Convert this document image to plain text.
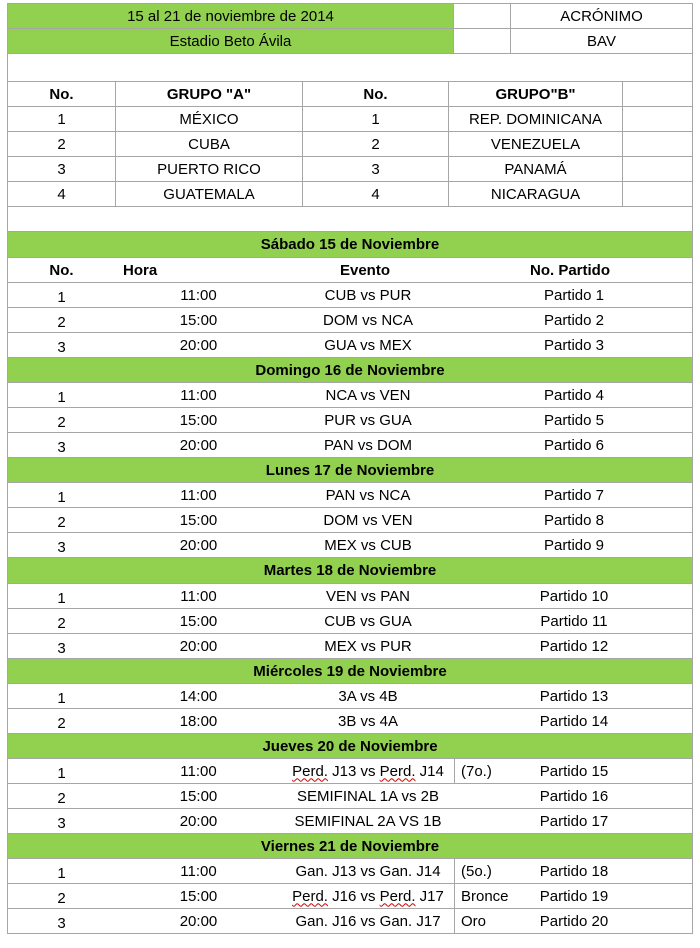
15 al 21 de noviembre de 2014	ACRÓNIMO
Estadio Beto Ávila	BAV
No.	GRUPO "A"	No.	GRUPO"B"
1	MÉXICO	1	REP. DOMINICANA
2	CUBA	2	VENEZUELA
3	PUERTO RICO	3	PANAMÁ
4	GUATEMALA	4	NICARAGUA
Sábado 15 de Noviembre
No.	Hora	Evento	No. Partido
1	11:00	CUB vs PUR	Partido 1
2	15:00	DOM vs NCA	Partido 2
3	20:00	GUA vs MEX	Partido 3
Domingo 16 de Noviembre
1	11:00	NCA vs VEN	Partido 4
2	15:00	PUR vs GUA	Partido 5
3	20:00	PAN vs DOM	Partido 6
Lunes 17 de Noviembre
1	11:00	PAN vs NCA	Partido 7
2	15:00	DOM vs VEN	Partido 8
3	20:00	MEX vs CUB	Partido 9
Martes 18 de Noviembre
1	11:00	VEN vs PAN	Partido 10
2	15:00	CUB vs GUA	Partido 11
3	20:00	MEX vs PUR	Partido 12
Miércoles 19 de Noviembre
1	14:00	3A vs 4B	Partido 13
2	18:00	3B vs 4A	Partido 14
Jueves 20 de Noviembre
1	11:00	Perd. J13 vs Perd. J14	(7o.)	Partido 15
2	15:00	SEMIFINAL 1A vs 2B	Partido 16
3	20:00	SEMIFINAL 2A VS 1B	Partido 17
Viernes 21 de Noviembre
1	11:00	Gan. J13 vs Gan. J14	(5o.)	Partido 18
2	15:00	Perd. J16 vs Perd. J17	Bronce	Partido 19
3	20:00	Gan. J16 vs Gan. J17	Oro	Partido 20
